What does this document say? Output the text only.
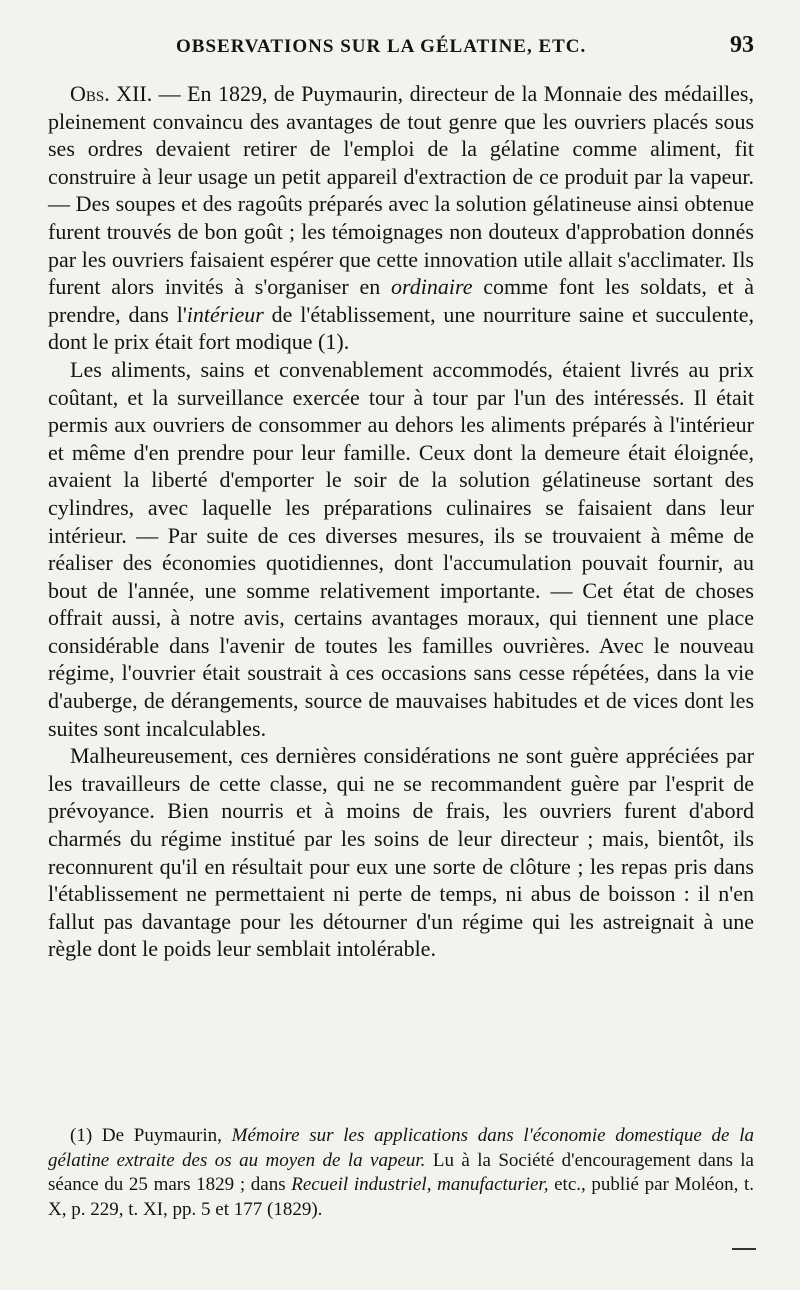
OBSERVATIONS SUR LA GÉLATINE, ETC.	93

Obs. XII. — En 1829, de Puymaurin, directeur de la Monnaie des médailles, pleinement convaincu des avantages de tout genre que les ouvriers placés sous ses ordres devaient retirer de l'emploi de la gélatine comme aliment, fit construire à leur usage un petit appareil d'extraction de ce produit par la vapeur. — Des soupes et des ragoûts préparés avec la solution gélatineuse ainsi obtenue furent trouvés de bon goût ; les témoignages non douteux d'approbation donnés par les ouvriers faisaient espérer que cette innovation utile allait s'acclimater. Ils furent alors invités à s'organiser en ordinaire comme font les soldats, et à prendre, dans l'intérieur de l'établissement, une nourriture saine et succulente, dont le prix était fort modique (1).

Les aliments, sains et convenablement accommodés, étaient livrés au prix coûtant, et la surveillance exercée tour à tour par l'un des intéressés. Il était permis aux ouvriers de consommer au dehors les aliments préparés à l'intérieur et même d'en prendre pour leur famille. Ceux dont la demeure était éloignée, avaient la liberté d'emporter le soir de la solution gélatineuse sortant des cylindres, avec laquelle les préparations culinaires se faisaient dans leur intérieur. — Par suite de ces diverses mesures, ils se trouvaient à même de réaliser des économies quotidiennes, dont l'accumulation pouvait fournir, au bout de l'année, une somme relativement importante. — Cet état de choses offrait aussi, à notre avis, certains avantages moraux, qui tiennent une place considérable dans l'avenir de toutes les familles ouvrières. Avec le nouveau régime, l'ouvrier était soustrait à ces occasions sans cesse répétées, dans la vie d'auberge, de dérangements, source de mauvaises habitudes et de vices dont les suites sont incalculables.

Malheureusement, ces dernières considérations ne sont guère appréciées par les travailleurs de cette classe, qui ne se recommandent guère par l'esprit de prévoyance. Bien nourris et à moins de frais, les ouvriers furent d'abord charmés du régime institué par les soins de leur directeur ; mais, bientôt, ils reconnurent qu'il en résultait pour eux une sorte de clôture ; les repas pris dans l'établissement ne permettaient ni perte de temps, ni abus de boisson : il n'en fallut pas davantage pour les détourner d'un régime qui les astreignait à une règle dont le poids leur semblait intolérable.

(1) De Puymaurin, Mémoire sur les applications dans l'économie domestique de la gélatine extraite des os au moyen de la vapeur. Lu à la Société d'encouragement dans la séance du 25 mars 1829 ; dans Recueil industriel, manufacturier, etc., publié par Moléon, t. X, p. 229, t. XI, pp. 5 et 177 (1829).
